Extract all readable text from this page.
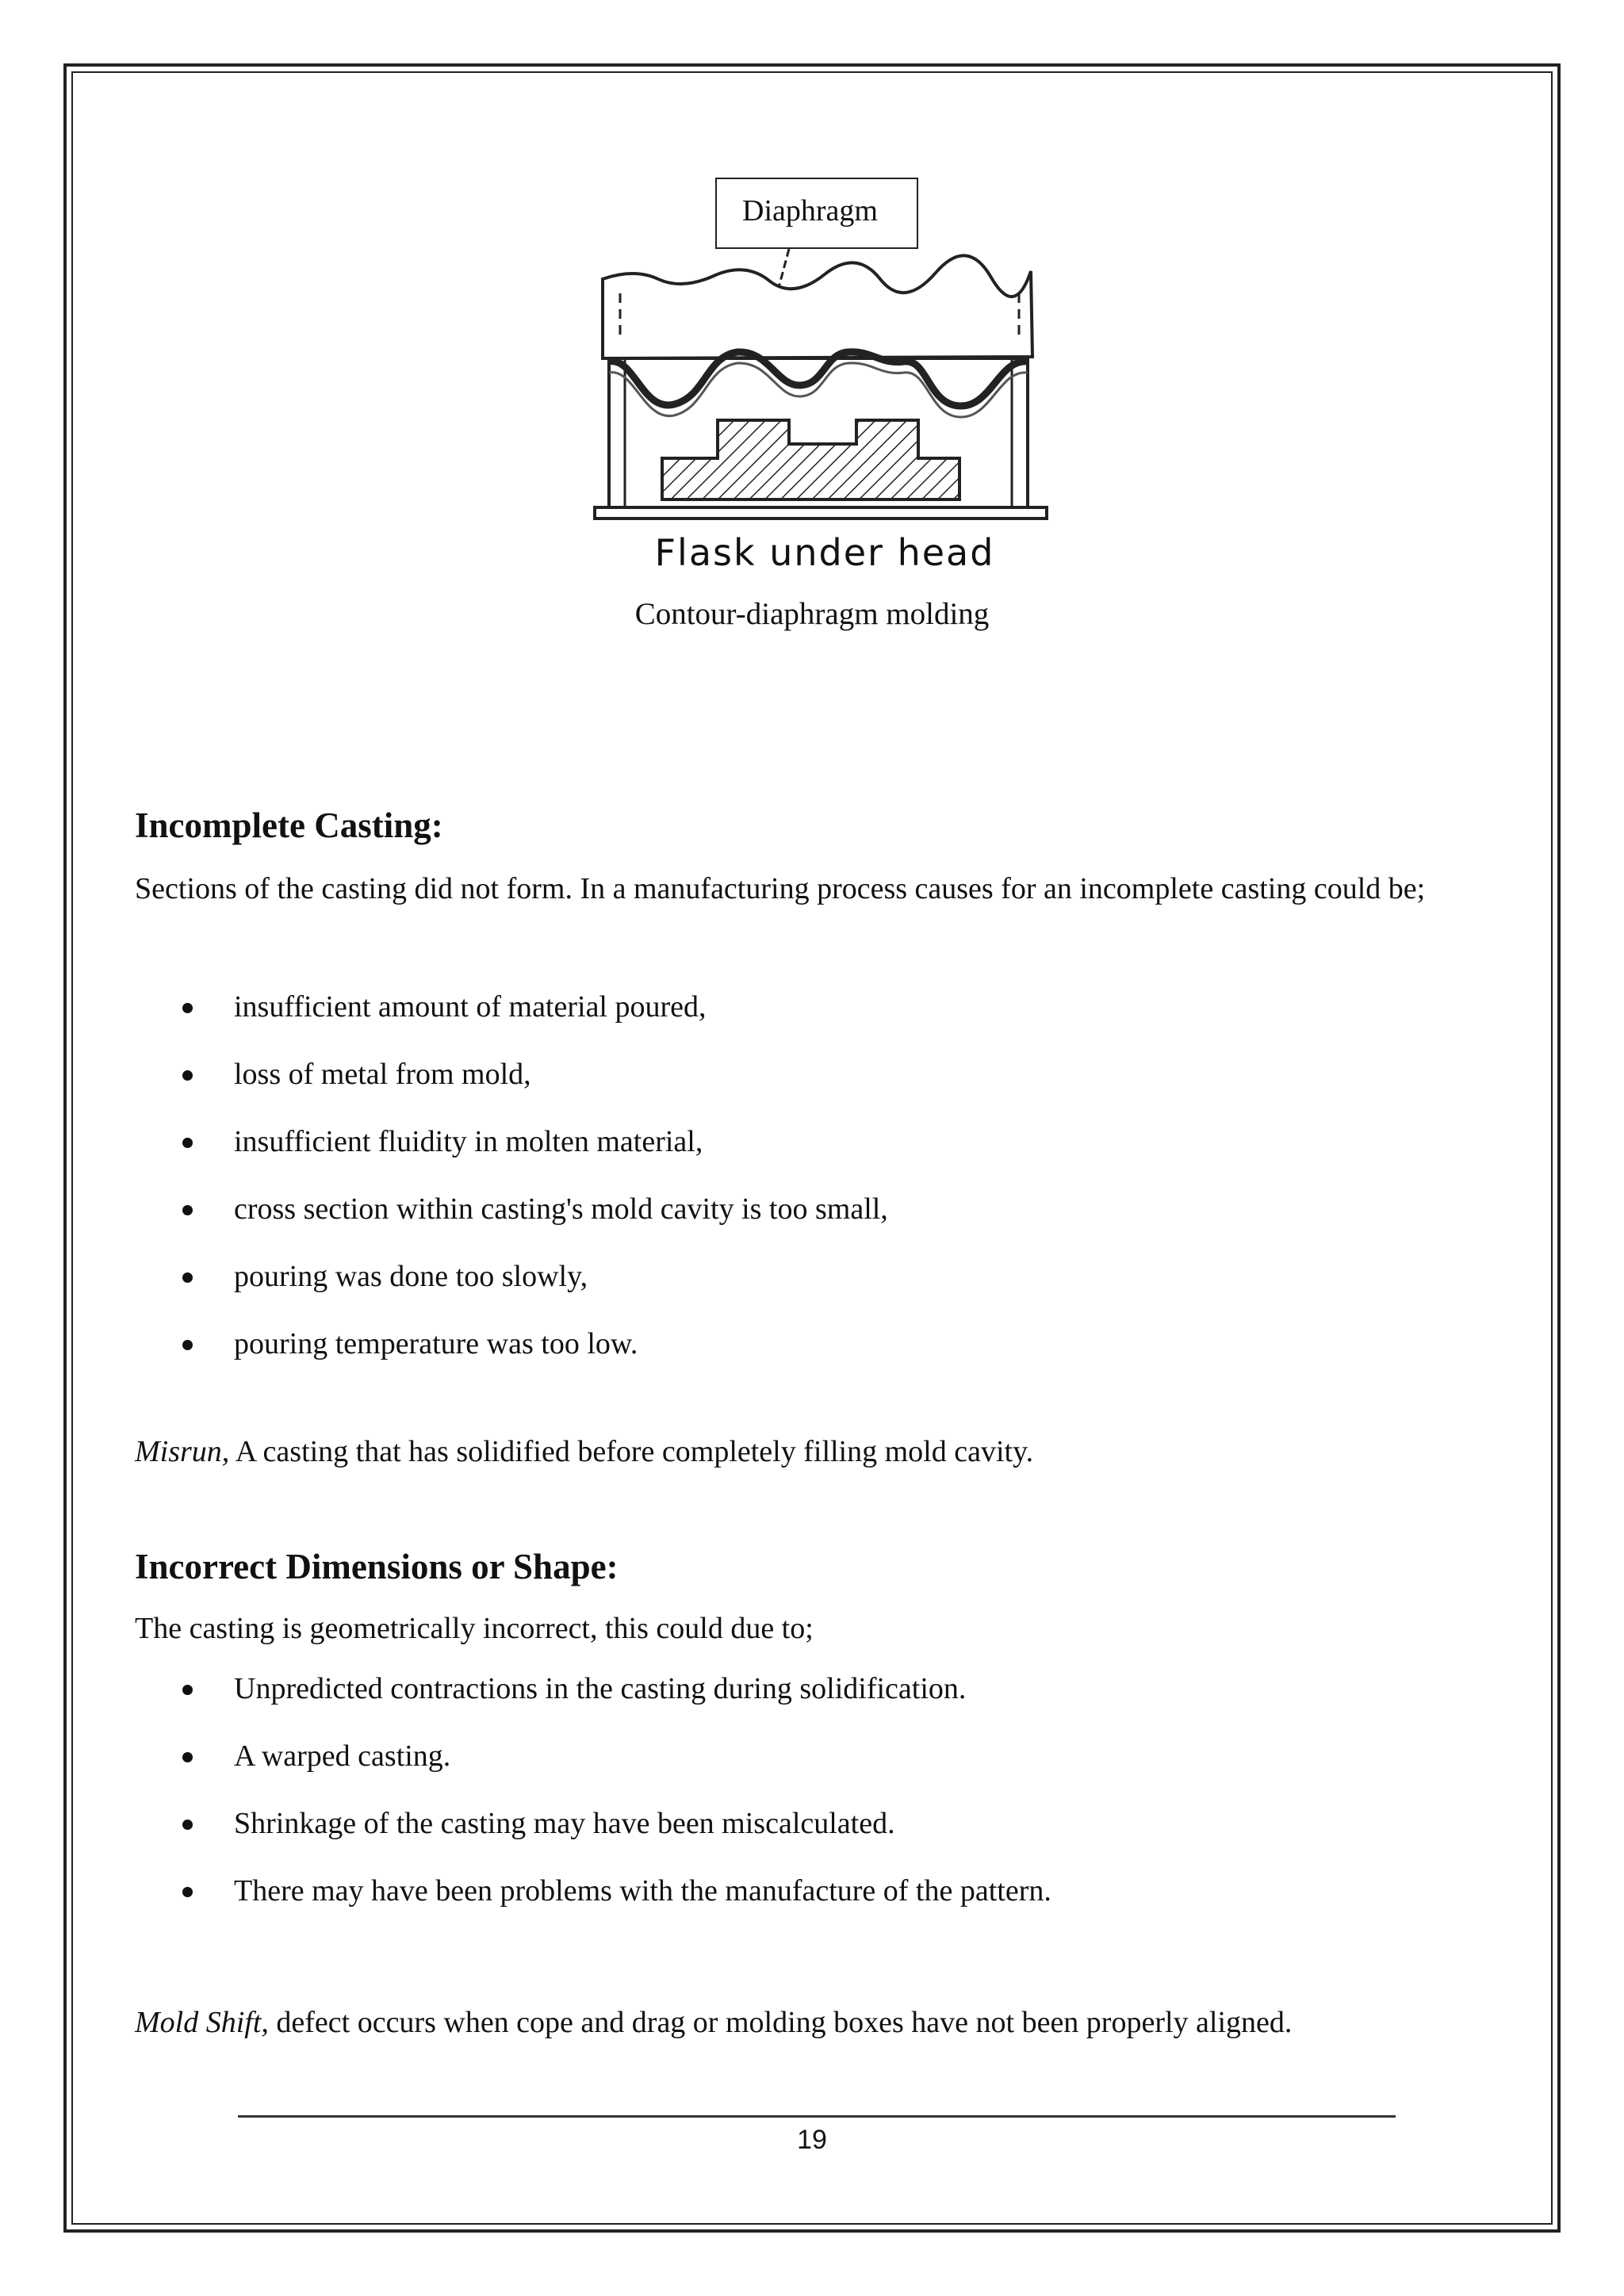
Diaphragm
Flask under head
Contour-diaphragm molding
Incomplete Casting:

Sections of the casting did not form. In a manufacturing process causes for an incomplete casting could be;

insufficient amount of material poured,
loss of metal from mold,
insufficient fluidity in molten material,
cross section within casting's mold cavity is too small,
pouring was done too slowly,
pouring temperature was too low.

Misrun, A casting that has solidified before completely filling mold cavity.

Incorrect Dimensions or Shape:

The casting is geometrically incorrect, this could due to;

Unpredicted contractions in the casting during solidification.
A warped casting.
Shrinkage of the casting may have been miscalculated.
There may have been problems with the manufacture of the pattern.

Mold Shift, defect occurs when cope and drag or molding boxes have not been properly aligned.

19
